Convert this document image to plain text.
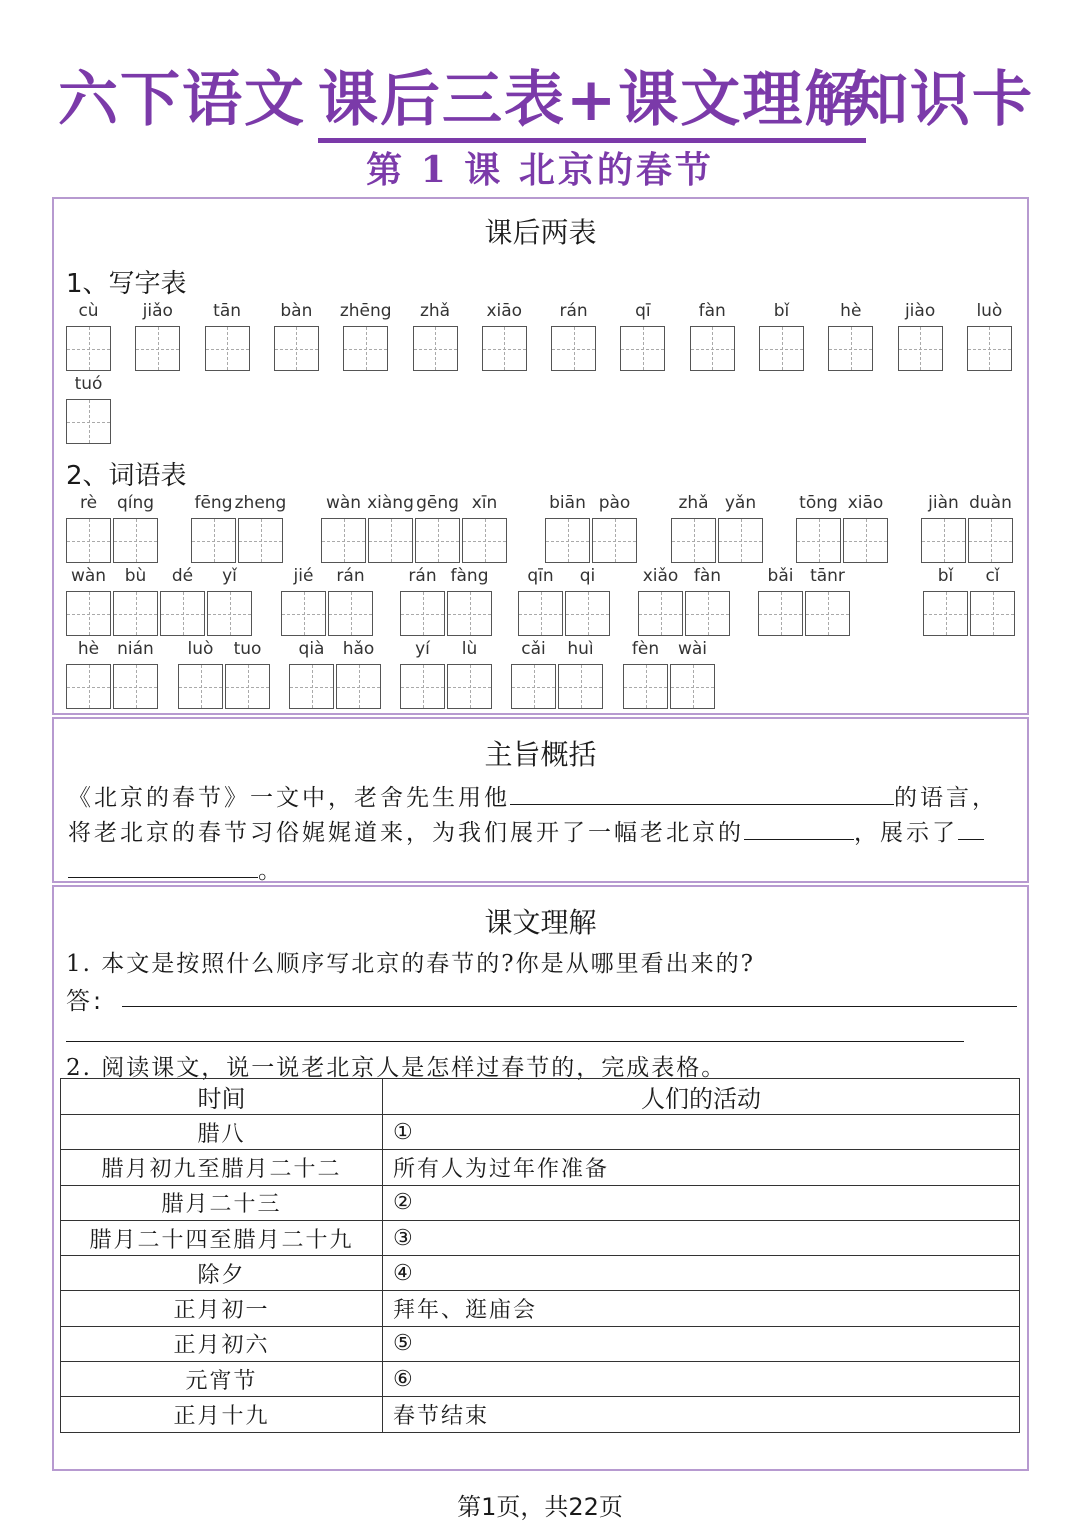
六下语文 课后三表+课文理解
知识卡
第 1 课 北京的春节
课后两表
1、写字表
cù	jiǎo	tān	bàn	zhēng	zhǎ	xiāo	rán	qī	fàn	bǐ	hè	jiào	luò
tuó
2、词语表
rè	qíng	fēng zheng	wàn xiàng gēng xīn	biān pào	zhǎ yǎn	tōng xiāo	jiàn duàn
wàn	bù	dé	yǐ	jié	rán	rán fàng	qīn	qi	xiǎo fàn	bǎi tānr	bǐ	cǐ
hè	nián	luò	tuo	qià	hǎo	yí	lù	cǎi	huì	fèn	wài
主旨概括
《北京的春节》一文中，老舍先生用他	的语言，
将老北京的春节习俗娓娓道来，为我们展开了一幅老北京的	，展示了
。
课文理解
1. 本文是按照什么顺序写北京的春节的?你是从哪里看出来的?
答:
2. 阅读课文，说一说老北京人是怎样过春节的，完成表格。
时间	人们的活动
腊八	①
腊月初九至腊月二十二	所有人为过年作准备
腊月二十三	②
腊月二十四至腊月二十九	③
除夕	④
正月初一	拜年、逛庙会
正月初六	⑤
元宵节	⑥
正月十九	春节结束
第1页，共22页
